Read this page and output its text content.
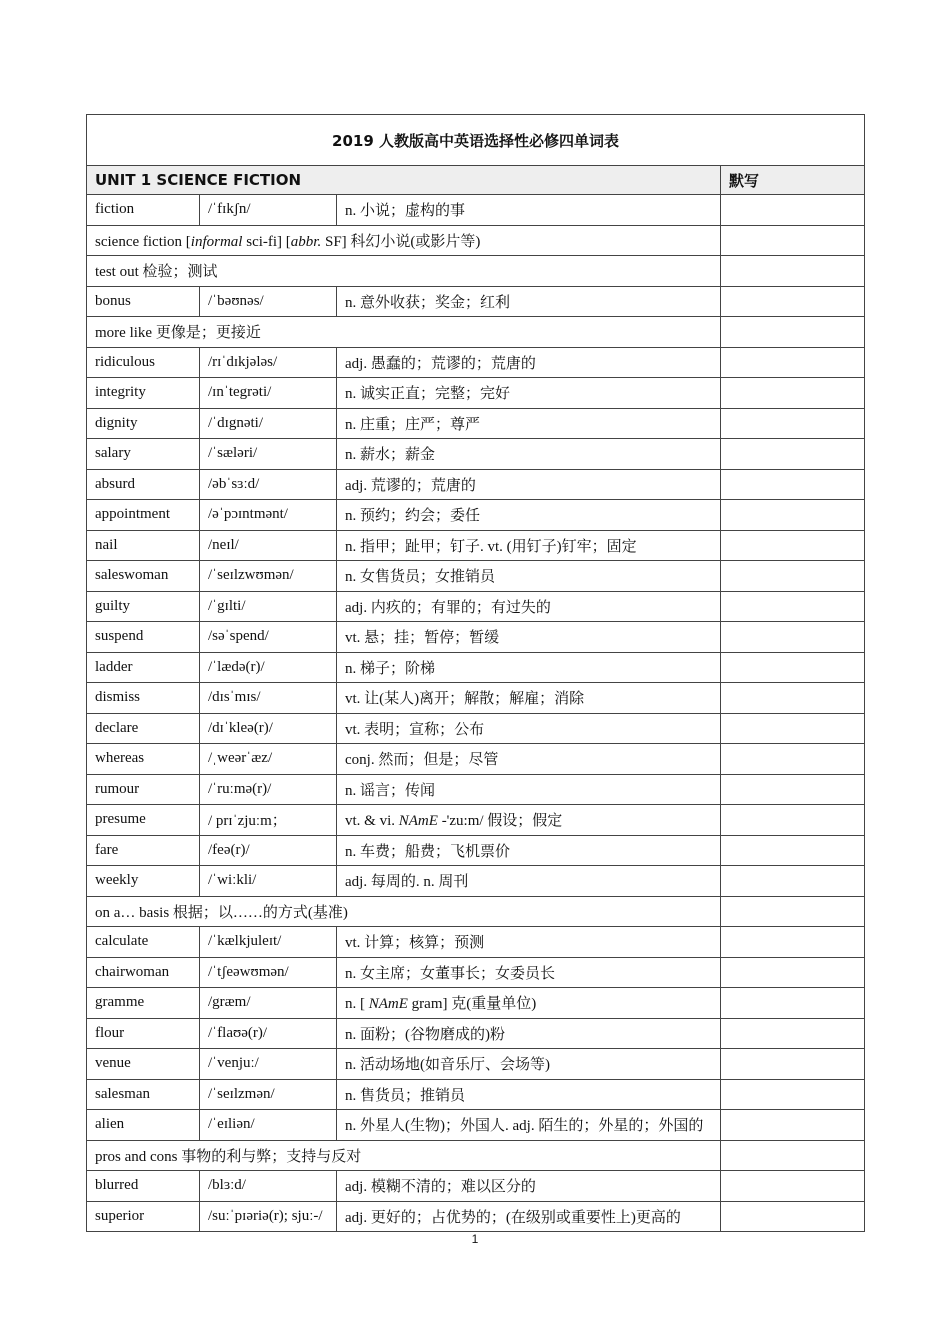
2019 人教版高中英语选择性必修四单词表			
UNIT 1 SCIENCE FICTION			默写
fiction	/ˈfɪkʃn/	n. 小说；虚构的事	
science fiction [informal sci-fi] [abbr. SF] 科幻小说(或影片等)			
test out 检验；测试			
bonus	/ˈbəʊnəs/	n. 意外收获；奖金；红利	
more like 更像是；更接近			
ridiculous	/rɪˈdɪkjələs/	adj. 愚蠢的；荒谬的；荒唐的	
integrity	/ɪnˈtegrəti/	n. 诚实正直；完整；完好	
dignity	/ˈdɪgnəti/	n. 庄重；庄严；尊严	
salary	/ˈsæləri/	n. 薪水；薪金	
absurd	/əbˈsɜːd/	adj. 荒谬的；荒唐的	
appointment	/əˈpɔɪntmənt/	n. 预约；约会；委任	
nail	/neɪl/	n. 指甲；趾甲；钉子. vt. (用钉子)钉牢；固定	
saleswoman	/ˈseɪlzwʊmən/	n. 女售货员；女推销员	
guilty	/ˈgɪlti/	adj. 内疚的；有罪的；有过失的	
suspend	/səˈspend/	vt. 悬；挂；暂停；暂缓	
ladder	/ˈlædə(r)/	n. 梯子；阶梯	
dismiss	/dɪsˈmɪs/	vt. 让(某人)离开；解散；解雇；消除	
declare	/dɪˈkleə(r)/	vt. 表明；宣称；公布	
whereas	/ˌweərˈæz/	conj. 然而；但是；尽管	
rumour	/ˈruːmə(r)/	n. 谣言；传闻	
presume	/ prɪˈzjuːm；	vt. & vi. NAmE -'zu:m/ 假设；假定	
fare	/feə(r)/	n. 车费；船费；飞机票价	
weekly	/ˈwiːkli/	adj. 每周的. n. 周刊	
on a… basis 根据；以……的方式(基准)			
calculate	/ˈkælkjuleɪt/	vt. 计算；核算；预测	
chairwoman	/ˈtʃeəwʊmən/	n. 女主席；女董事长；女委员长	
gramme	/græm/	n. [ NAmE gram] 克(重量单位)	
flour	/ˈflaʊə(r)/	n. 面粉；(谷物磨成的)粉	
venue	/ˈvenjuː/	n. 活动场地(如音乐厅、会场等)	
salesman	/ˈseɪlzmən/	n. 售货员；推销员	
alien	/ˈeɪliən/	n. 外星人(生物)；外国人. adj. 陌生的；外星的；外国的	
pros and cons 事物的利与弊；支持与反对			
blurred	/blɜːd/	adj. 模糊不清的；难以区分的	
superior	/suːˈpɪəriə(r); sjuː-/	adj. 更好的；占优势的；(在级别或重要性上)更高的	
1
